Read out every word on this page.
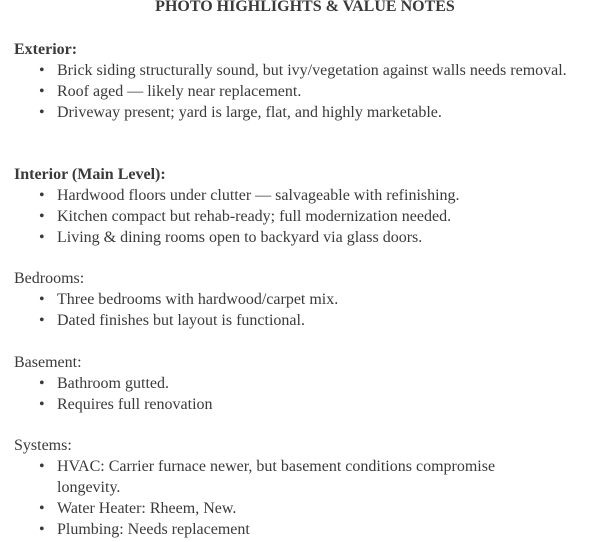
PHOTO HIGHLIGHTS & VALUE NOTES
Exterior:
• Brick siding structurally sound, but ivy/vegetation against walls needs removal.
• Roof aged — likely near replacement.
• Driveway present; yard is large, flat, and highly marketable.
Interior (Main Level):
• Hardwood floors under clutter — salvageable with refinishing.
• Kitchen compact but rehab-ready; full modernization needed.
• Living & dining rooms open to backyard via glass doors.
Bedrooms:
• Three bedrooms with hardwood/carpet mix.
• Dated finishes but layout is functional.
Basement:
• Bathroom gutted.
• Requires full renovation
Systems:
• HVAC: Carrier furnace newer, but basement conditions compromise longevity.
• Water Heater: Rheem, New.
• Plumbing: Needs replacement
